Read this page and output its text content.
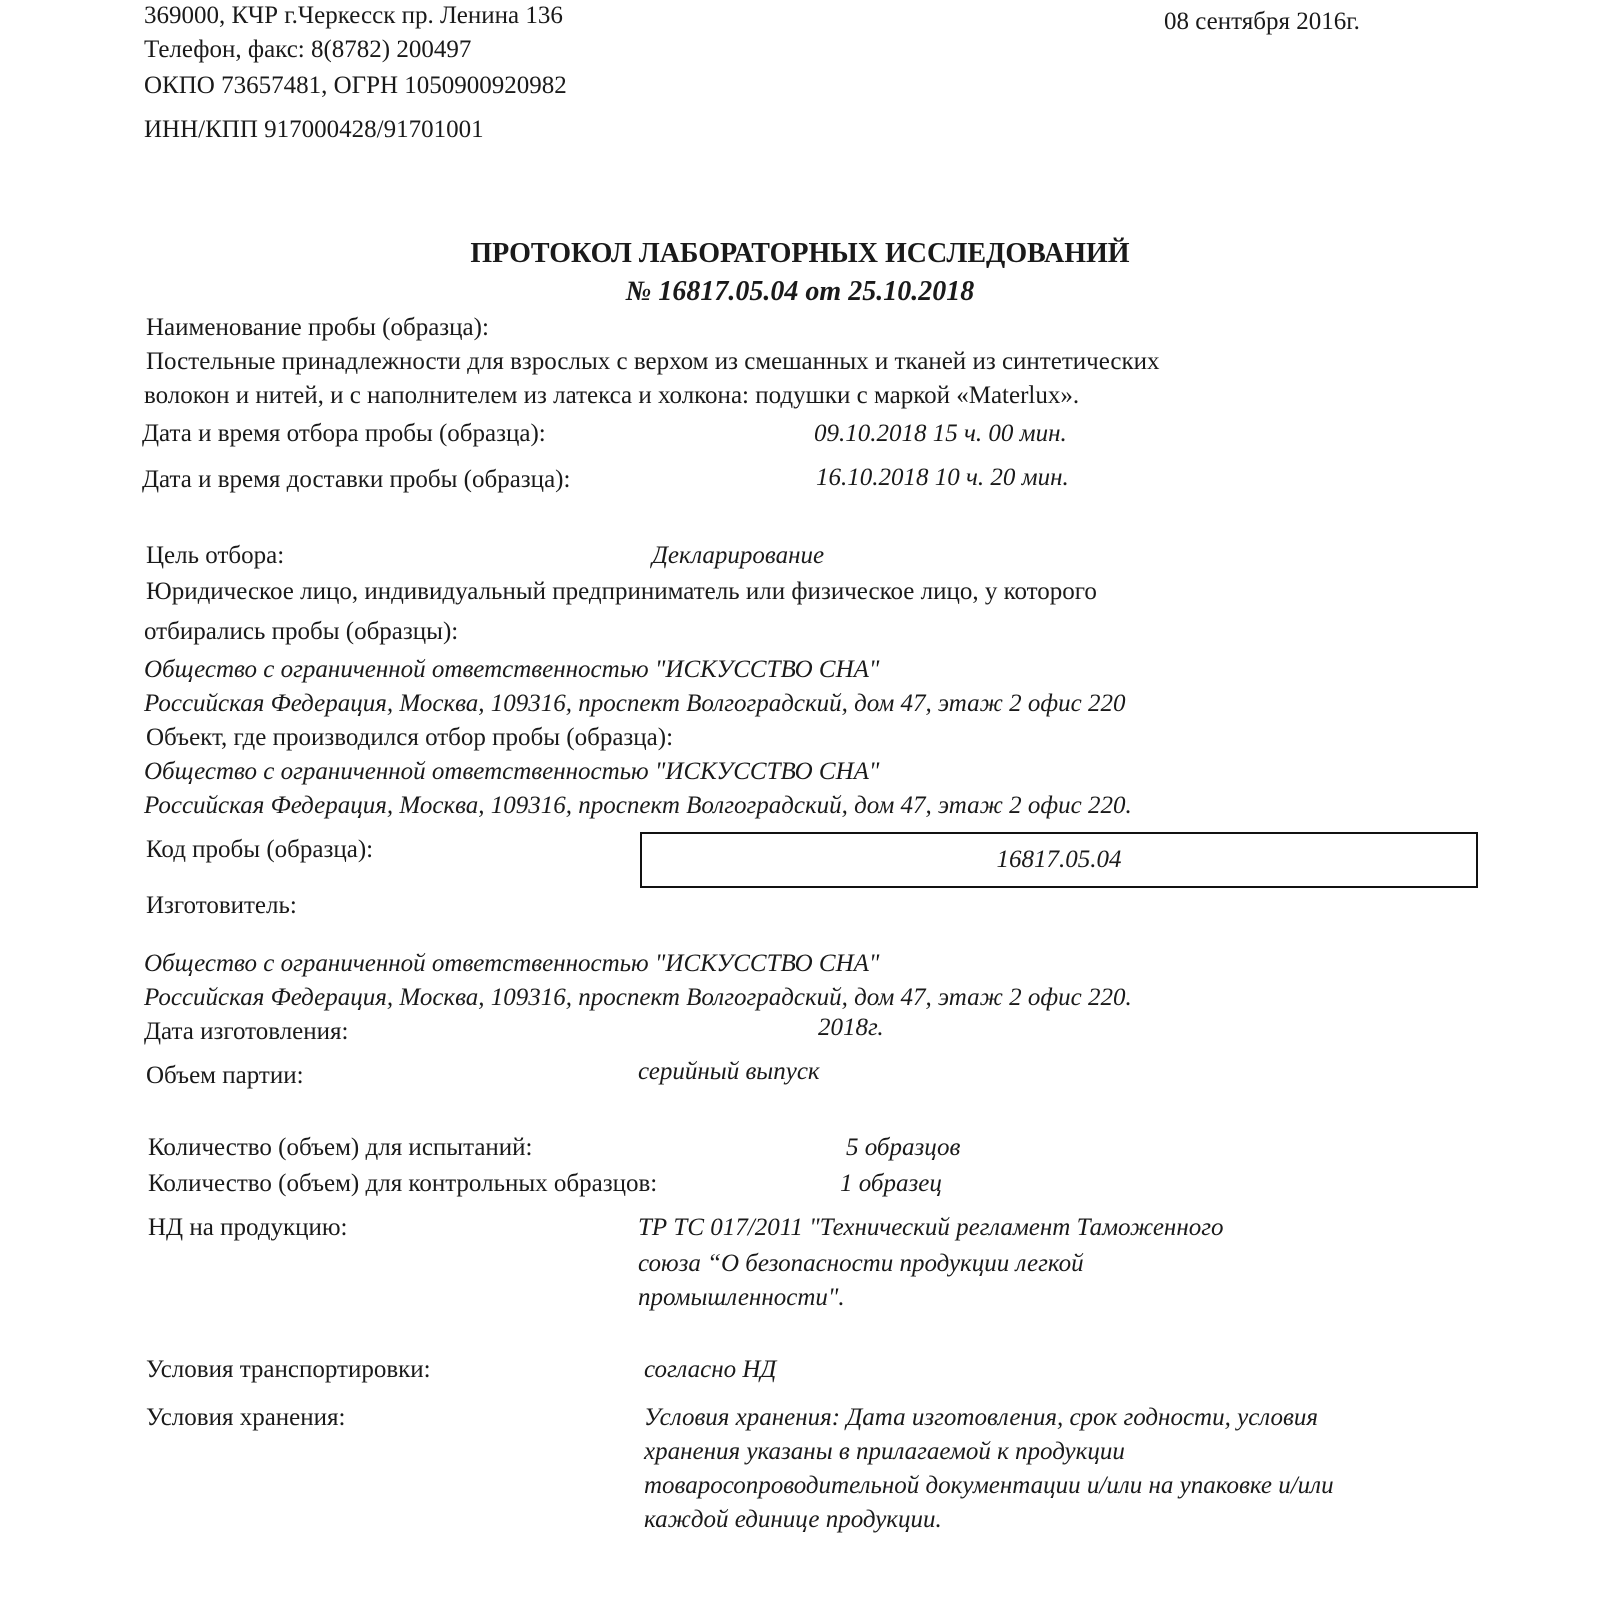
369000, КЧР г.Черкесск пр. Ленина 136
Телефон, факс: 8(8782) 200497
ОКПО 73657481, ОГРН 1050900920982
ИНН/КПП 917000428/91701001
08 сентября 2016г.
ПРОТОКОЛ ЛАБОРАТОРНЫХ ИССЛЕДОВАНИЙ
№ 16817.05.04 от 25.10.2018
Наименование пробы (образца):
Постельные принадлежности для взрослых с верхом из смешанных и тканей из синтетических
волокон и нитей, и с наполнителем из латекса и холкона: подушки с маркой «Materlux».
Дата и время отбора пробы (образца):	09.10.2018 15 ч. 00 мин.
Дата и время доставки пробы (образца):	16.10.2018 10 ч. 20 мин.
Цель отбора:	Декларирование
Юридическое лицо, индивидуальный предприниматель или физическое лицо, у которого
отбирались пробы (образцы):
Общество с ограниченной ответственностью "ИСКУССТВО СНА"
Российская Федерация, Москва, 109316, проспект Волгоградский, дом 47, этаж 2 офис 220
Объект, где производился отбор пробы (образца):
Общество с ограниченной ответственностью "ИСКУССТВО СНА"
Российская Федерация, Москва, 109316, проспект Волгоградский, дом 47, этаж 2 офис 220.
Код пробы (образца):	16817.05.04
Изготовитель:
Общество с ограниченной ответственностью "ИСКУССТВО СНА"
Российская Федерация, Москва, 109316, проспект Волгоградский, дом 47, этаж 2 офис 220.
Дата изготовления:	2018г.
Объем партии:	серийный выпуск
Количество (объем) для испытаний:	5 образцов
Количество (объем) для контрольных образцов:	1 образец
НД на продукцию:	ТР ТС 017/2011 "Технический регламент Таможенного
союза “О безопасности продукции легкой
промышленности".
Условия транспортировки:	согласно НД
Условия хранения:	Условия хранения: Дата изготовления, срок годности, условия
хранения указаны в прилагаемой к продукции
товаросопроводительной документации и/или на упаковке и/или
каждой единице продукции.
